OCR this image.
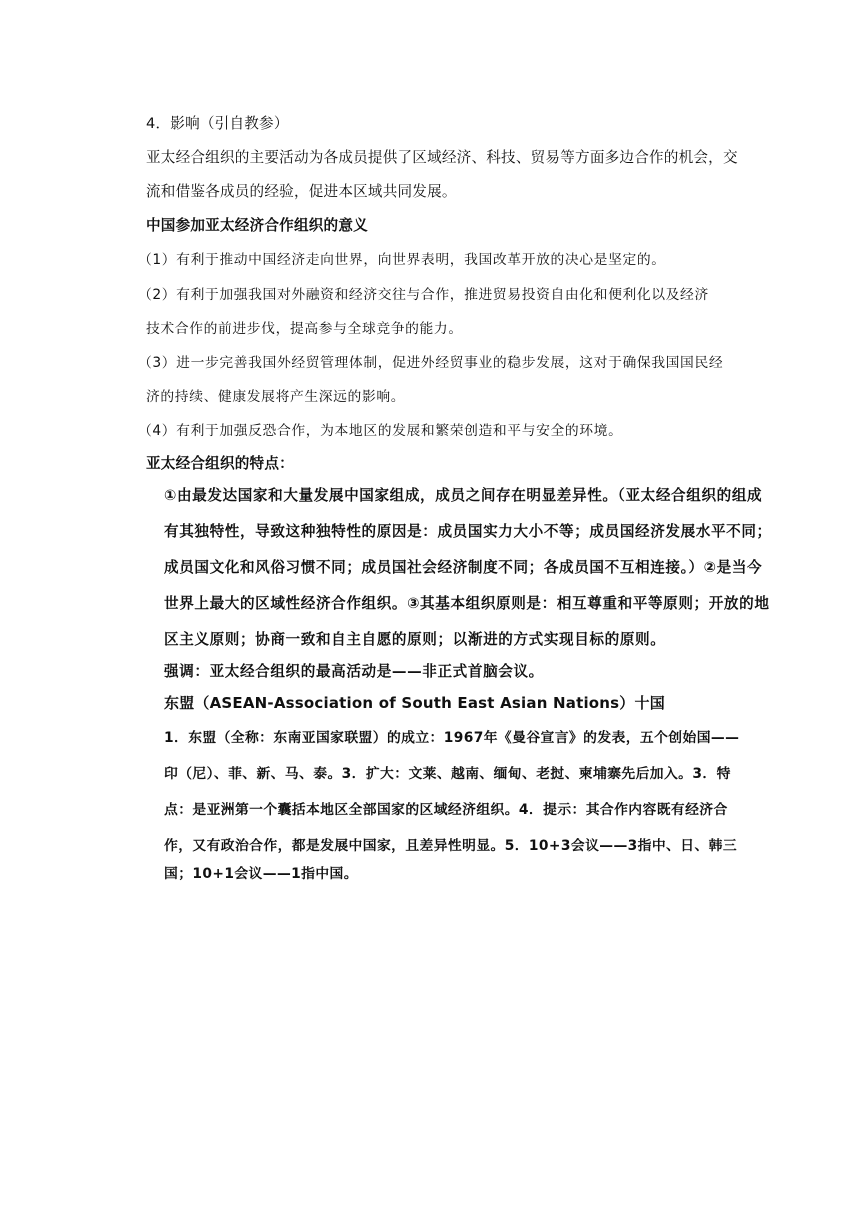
4．影响（引自教参）
亚太经合组织的主要活动为各成员提供了区域经济、科技、贸易等方面多边合作的机会，交
流和借鉴各成员的经验，促进本区域共同发展。
中国参加亚太经济合作组织的意义
（1）有利于推动中国经济走向世界，向世界表明，我国改革开放的决心是坚定的。
（2）有利于加强我国对外融资和经济交往与合作，推进贸易投资自由化和便利化以及经济
技术合作的前进步伐，提高参与全球竞争的能力。
（3）进一步完善我国外经贸管理体制，促进外经贸事业的稳步发展，这对于确保我国国民经
济的持续、健康发展将产生深远的影响。
（4）有利于加强反恐合作，为本地区的发展和繁荣创造和平与安全的环境。
亚太经合组织的特点：
①由最发达国家和大量发展中国家组成，成员之间存在明显差异性。（亚太经合组织的组成
有其独特性，导致这种独特性的原因是：成员国实力大小不等；成员国经济发展水平不同；
成员国文化和风俗习惯不同；成员国社会经济制度不同；各成员国不互相连接。）②是当今
世界上最大的区域性经济合作组织。③其基本组织原则是：相互尊重和平等原则；开放的地
区主义原则；协商一致和自主自愿的原则；以渐进的方式实现目标的原则。
强调：亚太经合组织的最高活动是——非正式首脑会议。
东盟（ASEAN-Association of South East Asian Nations）十国
1．东盟（全称：东南亚国家联盟）的成立：1967年《曼谷宣言》的发表，五个创始国——
印（尼）、菲、新、马、泰。3．扩大：文莱、越南、缅甸、老挝、柬埔寨先后加入。3．特
点：是亚洲第一个囊括本地区全部国家的区域经济组织。4．提示：其合作内容既有经济合
作，又有政治合作，都是发展中国家，且差异性明显。5．10+3会议——3指中、日、韩三
国；10+1会议——1指中国。
